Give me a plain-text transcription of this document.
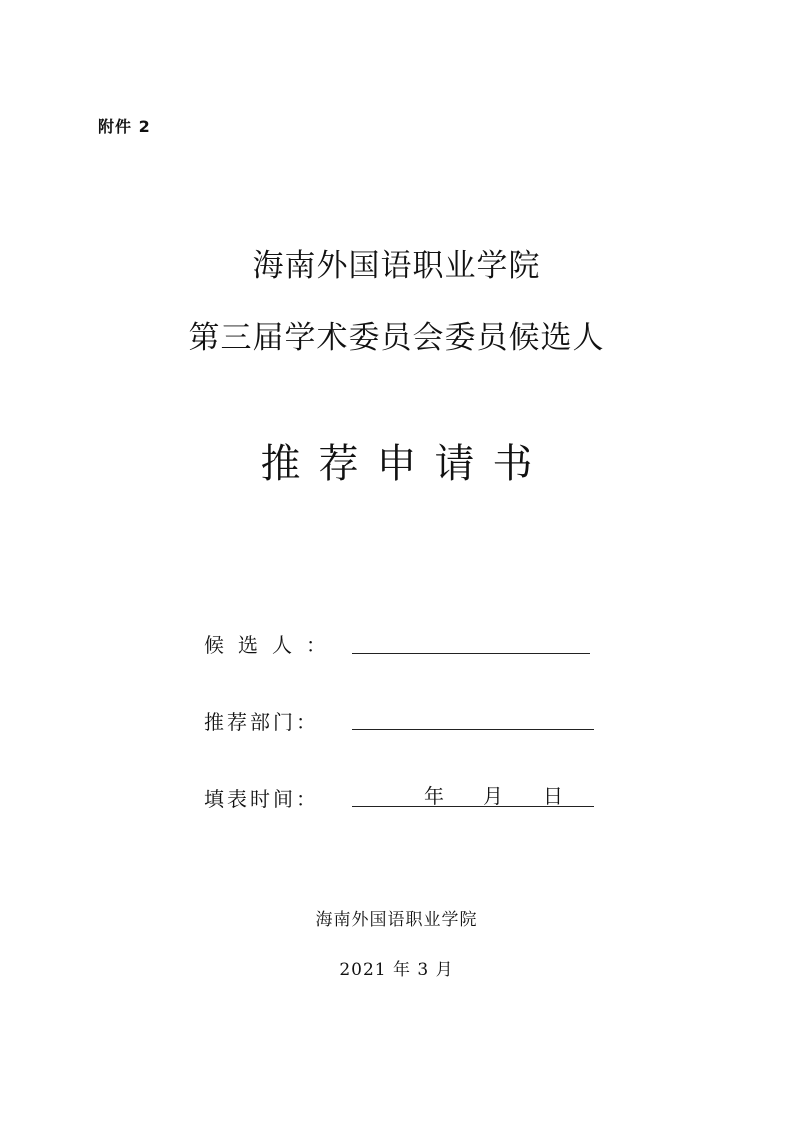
附件 2
海南外国语职业学院
第三届学术委员会委员候选人
推荐申请书
候选人：
推荐部门：
填表时间：	年 月 日
海南外国语职业学院
2021 年 3 月
